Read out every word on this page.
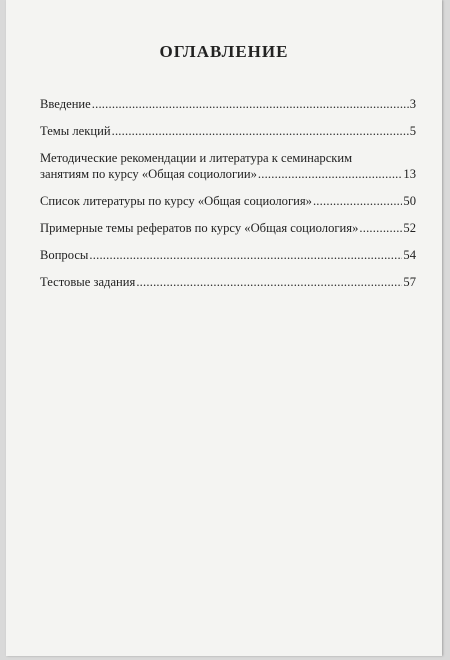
ОГЛАВЛЕНИЕ
Введение .....	3
Темы лекций .....	5
Методические рекомендации и литература к семинарским
занятиям по курсу «Общая социологии» .....	13
Список литературы по курсу «Общая социология» .....	50
Примерные темы рефератов по курсу «Общая социология» .....	52
Вопросы .....	54
Тестовые задания .....	57
